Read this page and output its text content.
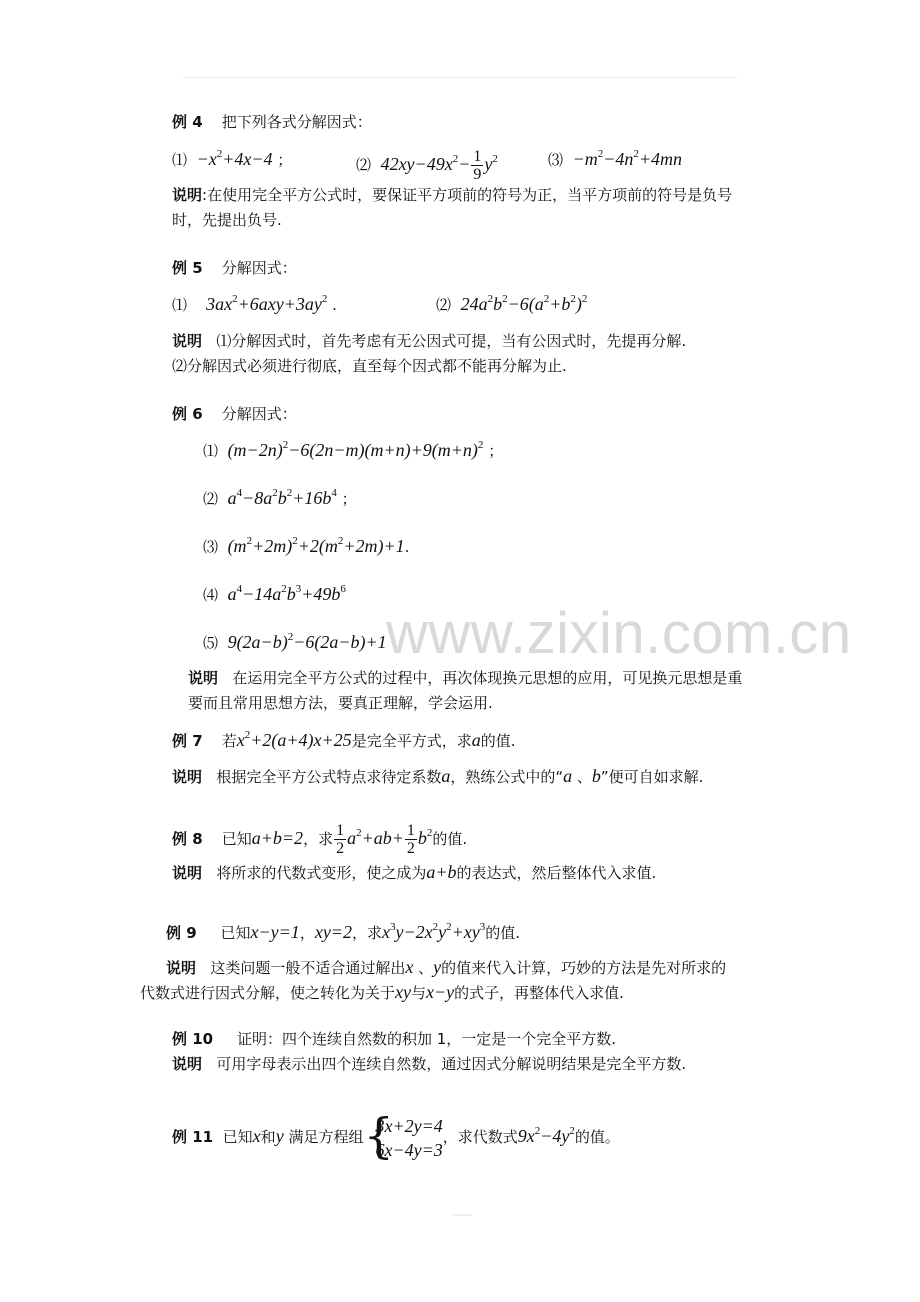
www.zixin.com.cn
例 4 把下列各式分解因式：
⑴ $-x^2+4x-4$ ；	⑵ $42xy-49x^2- \frac{1}{9} y^2$	⑶ $-m^2-4n^2+4mn$
说明:在使用完全平方公式时，要保证平方项前的符号为正，当平方项前的符号是负号
时，先提出负号.
例 5 分解因式：
⑴ $3ax^2+6axy+3ay^2$ .	⑵ $24a^2b^2-6(a^2+b^2)^2$
说明 ⑴分解因式时，首先考虑有无公因式可提，当有公因式时，先提再分解.
⑵分解因式必须进行彻底，直至每个因式都不能再分解为止.
例 6 分解因式：
⑴ $(m-2n)^2-6(2n-m)(m+n)+9(m+n)^2$ ；
⑵ $a^4-8a^2b^2+16b^4$ ；
⑶ $(m^2+2m)^2+2(m^2+2m)+1$.
⑷ $a^4-14a^2b^3+49b^6$
⑸ $9(2a-b)^2-6(2a-b)+1$
说明 在运用完全平方公式的过程中，再次体现换元思想的应用，可见换元思想是重
要而且常用思想方法，要真正理解，学会运用.
例 7 若$x^2+2(a+4)x+25$是完全平方式，求a的值.
说明 根据完全平方公式特点求待定系数a，熟练公式中的“a 、b”便可自如求解.
例 8 已知a+b=2，求 $\frac{1}{2} a^2+ab+ \frac{1}{2} b^2$的值.
说明 将所求的代数式变形，使之成为a+b的表达式，然后整体代入求值.
例 9 已知x−y=1，xy=2，求$x^3y-2x^2y^2+xy^3$的值.
说明 这类问题一般不适合通过解出x 、y的值来代入计算，巧妙的方法是先对所求的
代数式进行因式分解，使之转化为关于xy与x−y的式子，再整体代入求值.
例 10 证明：四个连续自然数的积加 1，一定是一个完全平方数.
说明 可用字母表示出四个连续自然数，通过因式分解说明结果是完全平方数.
例 11 已知x和y 满足方程组 {
3x+2y=4
6x−4y=3
，求代数式$9x^2-4y^2$的值。
